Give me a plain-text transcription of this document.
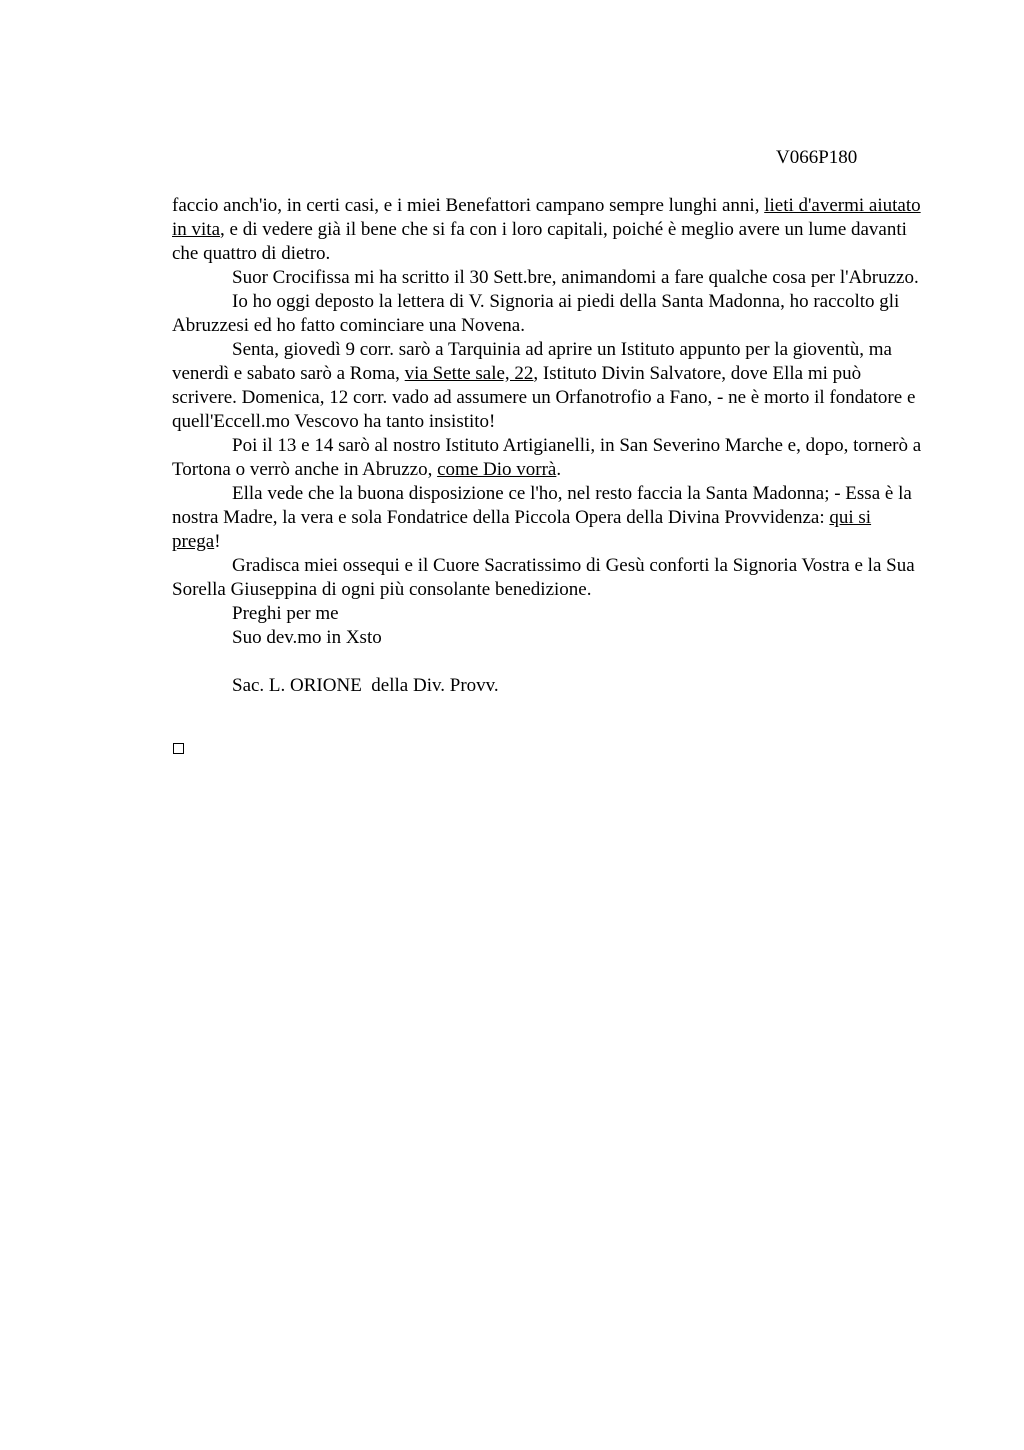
V066P180

faccio anch'io, in certi casi, e i miei Benefattori campano sempre lunghi anni, lieti d'avermi aiutato in vita, e di vedere già il bene che si fa con i loro capitali, poiché è meglio avere un lume davanti che quattro di dietro.

Suor Crocifissa mi ha scritto il 30 Sett.bre, animandomi a fare qualche cosa per l'Abruzzo.

Io ho oggi deposto la lettera di V. Signoria ai piedi della Santa Madonna, ho raccolto gli Abruzzesi ed ho fatto cominciare una Novena.

Senta, giovedì 9 corr. sarò a Tarquinia ad aprire un Istituto appunto per la gioventù, ma venerdì e sabato sarò a Roma, via Sette sale, 22, Istituto Divin Salvatore, dove Ella mi può scrivere. Domenica, 12 corr. vado ad assumere un Orfanotrofio a Fano, - ne è morto il fondatore e quell'Eccell.mo Vescovo ha tanto insistito!

Poi il 13 e 14 sarò al nostro Istituto Artigianelli, in San Severino Marche e, dopo, tornerò a Tortona o verrò anche in Abruzzo, come Dio vorrà.

Ella vede che la buona disposizione ce l'ho, nel resto faccia la Santa Madonna; - Essa è la nostra Madre, la vera e sola Fondatrice della Piccola Opera della Divina Provvidenza: qui si prega!

Gradisca miei ossequi e il Cuore Sacratissimo di Gesù conforti la Signoria Vostra e la Sua Sorella Giuseppina di ogni più consolante benedizione.

Preghi per me

Suo dev.mo in Xsto

Sac. L. ORIONE  della Div. Provv.
